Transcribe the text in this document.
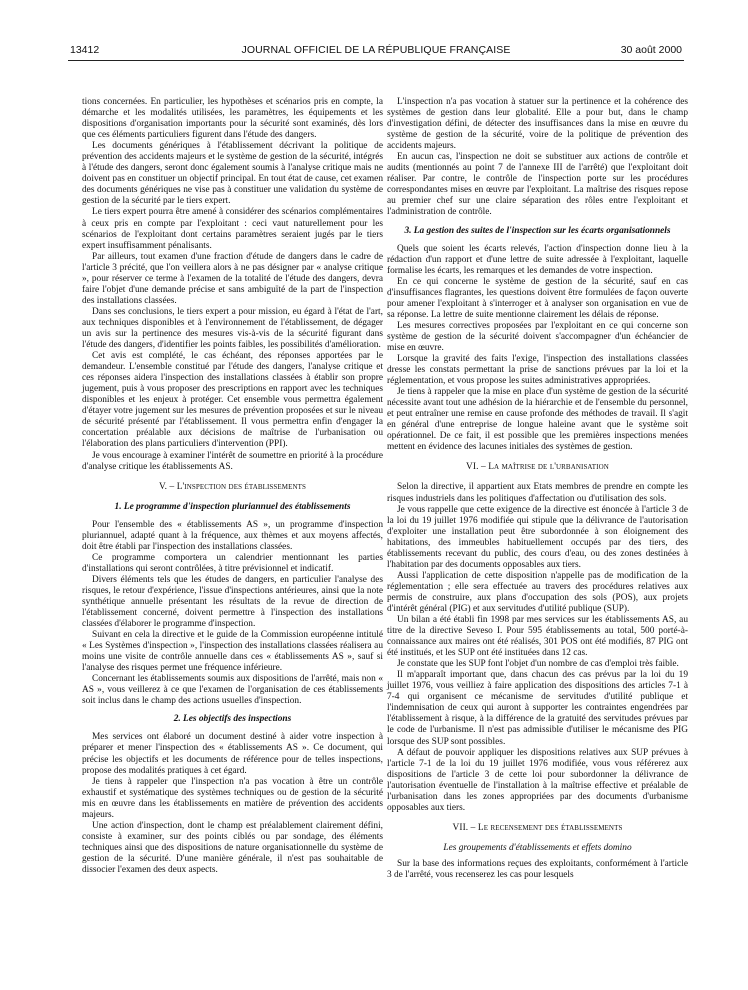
13412	JOURNAL OFFICIEL DE LA RÉPUBLIQUE FRANÇAISE	30 août 2000

tions concernées. En particulier, les hypothèses et scénarios pris en compte, la démarche et les modalités utilisées, les paramètres, les équipements et les dispositions d'organisation importants pour la sécurité sont examinés, dès lors que ces éléments particuliers figurent dans l'étude des dangers.

Les documents génériques à l'établissement décrivant la politique de prévention des accidents majeurs et le système de gestion de la sécurité, intégrés à l'étude des dangers, seront donc également soumis à l'analyse critique mais ne doivent pas en constituer un objectif principal. En tout état de cause, cet examen des documents génériques ne vise pas à constituer une validation du système de gestion de la sécurité par le tiers expert.

Le tiers expert pourra être amené à considérer des scénarios complémentaires à ceux pris en compte par l'exploitant : ceci vaut naturellement pour les scénarios de l'exploitant dont certains paramètres seraient jugés par le tiers expert insuffisamment pénalisants.

Par ailleurs, tout examen d'une fraction d'étude de dangers dans le cadre de l'article 3 précité, que l'on veillera alors à ne pas désigner par « analyse critique », pour réserver ce terme à l'examen de la totalité de l'étude des dangers, devra faire l'objet d'une demande précise et sans ambiguïté de la part de l'inspection des installations classées.

Dans ses conclusions, le tiers expert a pour mission, eu égard à l'état de l'art, aux techniques disponibles et à l'environnement de l'établissement, de dégager un avis sur la pertinence des mesures vis-à-vis de la sécurité figurant dans l'étude des dangers, d'identifier les points faibles, les possibilités d'amélioration.

Cet avis est complété, le cas échéant, des réponses apportées par le demandeur. L'ensemble constitué par l'étude des dangers, l'analyse critique et ces réponses aidera l'inspection des installations classées à établir son propre jugement, puis à vous proposer des prescriptions en rapport avec les techniques disponibles et les enjeux à protéger. Cet ensemble vous permettra également d'étayer votre jugement sur les mesures de prévention proposées et sur le niveau de sécurité présenté par l'établissement. Il vous permettra enfin d'engager la concertation préalable aux décisions de maîtrise de l'urbanisation ou l'élaboration des plans particuliers d'intervention (PPI).

Je vous encourage à examiner l'intérêt de soumettre en priorité à la procédure d'analyse critique les établissements AS.

V. – L'inspection des établissements
1. Le programme d'inspection pluriannuel des établissements

Pour l'ensemble des « établissements AS », un programme d'inspection pluriannuel, adapté quant à la fréquence, aux thèmes et aux moyens affectés, doit être établi par l'inspection des installations classées.

Ce programme comportera un calendrier mentionnant les parties d'installations qui seront contrôlées, à titre prévisionnel et indicatif.

Divers éléments tels que les études de dangers, en particulier l'analyse des risques, le retour d'expérience, l'issue d'inspections antérieures, ainsi que la note synthétique annuelle présentant les résultats de la revue de direction de l'établissement concerné, doivent permettre à l'inspection des installations classées d'élaborer le programme d'inspection.

Suivant en cela la directive et le guide de la Commission européenne intitulé « Les Systèmes d'inspection », l'inspection des installations classées réalisera au moins une visite de contrôle annuelle dans ces « établissements AS », sauf si l'analyse des risques permet une fréquence inférieure.

Concernant les établissements soumis aux dispositions de l'arrêté, mais non « AS », vous veillerez à ce que l'examen de l'organisation de ces établissements soit inclus dans le champ des actions usuelles d'inspection.

2. Les objectifs des inspections

Mes services ont élaboré un document destiné à aider votre inspection à préparer et mener l'inspection des « établissements AS ». Ce document, qui précise les objectifs et les documents de référence pour de telles inspections, propose des modalités pratiques à cet égard.

Je tiens à rappeler que l'inspection n'a pas vocation à être un contrôle exhaustif et systématique des systèmes techniques ou de gestion de la sécurité mis en œuvre dans les établissements en matière de prévention des accidents majeurs.

Une action d'inspection, dont le champ est préalablement clairement défini, consiste à examiner, sur des points ciblés ou par sondage, des éléments techniques ainsi que des dispositions de nature organisationnelle du système de gestion de la sécurité. D'une manière générale, il n'est pas souhaitable de dissocier l'examen des deux aspects.

L'inspection n'a pas vocation à statuer sur la pertinence et la cohérence des systèmes de gestion dans leur globalité. Elle a pour but, dans le champ d'investigation défini, de détecter des insuffisances dans la mise en œuvre du système de gestion de la sécurité, voire de la politique de prévention des accidents majeurs.

En aucun cas, l'inspection ne doit se substituer aux actions de contrôle et audits (mentionnés au point 7 de l'annexe III de l'arrêté) que l'exploitant doit réaliser. Par contre, le contrôle de l'inspection porte sur les procédures correspondantes mises en œuvre par l'exploitant. La maîtrise des risques repose au premier chef sur une claire séparation des rôles entre l'exploitant et l'administration de contrôle.

3. La gestion des suites de l'inspection sur les écarts organisationnels

Quels que soient les écarts relevés, l'action d'inspection donne lieu à la rédaction d'un rapport et d'une lettre de suite adressée à l'exploitant, laquelle formalise les écarts, les remarques et les demandes de votre inspection.

En ce qui concerne le système de gestion de la sécurité, sauf en cas d'insuffisances flagrantes, les questions doivent être formulées de façon ouverte pour amener l'exploitant à s'interroger et à analyser son organisation en vue de sa réponse. La lettre de suite mentionne clairement les délais de réponse.

Les mesures correctives proposées par l'exploitant en ce qui concerne son système de gestion de la sécurité doivent s'accompagner d'un échéancier de mise en œuvre.

Lorsque la gravité des faits l'exige, l'inspection des installations classées dresse les constats permettant la prise de sanctions prévues par la loi et la réglementation, et vous propose les suites administratives appropriées.

Je tiens à rappeler que la mise en place d'un système de gestion de la sécurité nécessite avant tout une adhésion de la hiérarchie et de l'ensemble du personnel, et peut entraîner une remise en cause profonde des méthodes de travail. Il s'agit en général d'une entreprise de longue haleine avant que le système soit opérationnel. De ce fait, il est possible que les premières inspections menées mettent en évidence des lacunes initiales des systèmes de gestion.

VI. – La maîtrise de l'urbanisation

Selon la directive, il appartient aux Etats membres de prendre en compte les risques industriels dans les politiques d'affectation ou d'utilisation des sols.

Je vous rappelle que cette exigence de la directive est énoncée à l'article 3 de la loi du 19 juillet 1976 modifiée qui stipule que la délivrance de l'autorisation d'exploiter une installation peut être subordonnée à son éloignement des habitations, des immeubles habituellement occupés par des tiers, des établissements recevant du public, des cours d'eau, ou des zones destinées à l'habitation par des documents opposables aux tiers.

Aussi l'application de cette disposition n'appelle pas de modification de la réglementation ; elle sera effectuée au travers des procédures relatives aux permis de construire, aux plans d'occupation des sols (POS), aux projets d'intérêt général (PIG) et aux servitudes d'utilité publique (SUP).

Un bilan a été établi fin 1998 par mes services sur les établissements AS, au titre de la directive Seveso I. Pour 595 établissements au total, 500 porté-à-connaissance aux maires ont été réalisés, 301 POS ont été modifiés, 87 PIG ont été institués, et les SUP ont été instituées dans 12 cas.

Je constate que les SUP font l'objet d'un nombre de cas d'emploi très faible.

Il m'apparaît important que, dans chacun des cas prévus par la loi du 19 juillet 1976, vous veilliez à faire application des dispositions des articles 7-1 à 7-4 qui organisent ce mécanisme de servitudes d'utilité publique et l'indemnisation de ceux qui auront à supporter les contraintes engendrées par l'établissement à risque, à la différence de la gratuité des servitudes prévues par le code de l'urbanisme. Il n'est pas admissible d'utiliser le mécanisme des PIG lorsque des SUP sont possibles.

A défaut de pouvoir appliquer les dispositions relatives aux SUP prévues à l'article 7-1 de la loi du 19 juillet 1976 modifiée, vous vous référerez aux dispositions de l'article 3 de cette loi pour subordonner la délivrance de l'autorisation éventuelle de l'installation à la maîtrise effective et préalable de l'urbanisation dans les zones appropriées par des documents d'urbanisme opposables aux tiers.

VII. – Le recensement des établissements
Les groupements d'établissements et effets domino

Sur la base des informations reçues des exploitants, conformément à l'article 3 de l'arrêté, vous recenserez les cas pour lesquels
